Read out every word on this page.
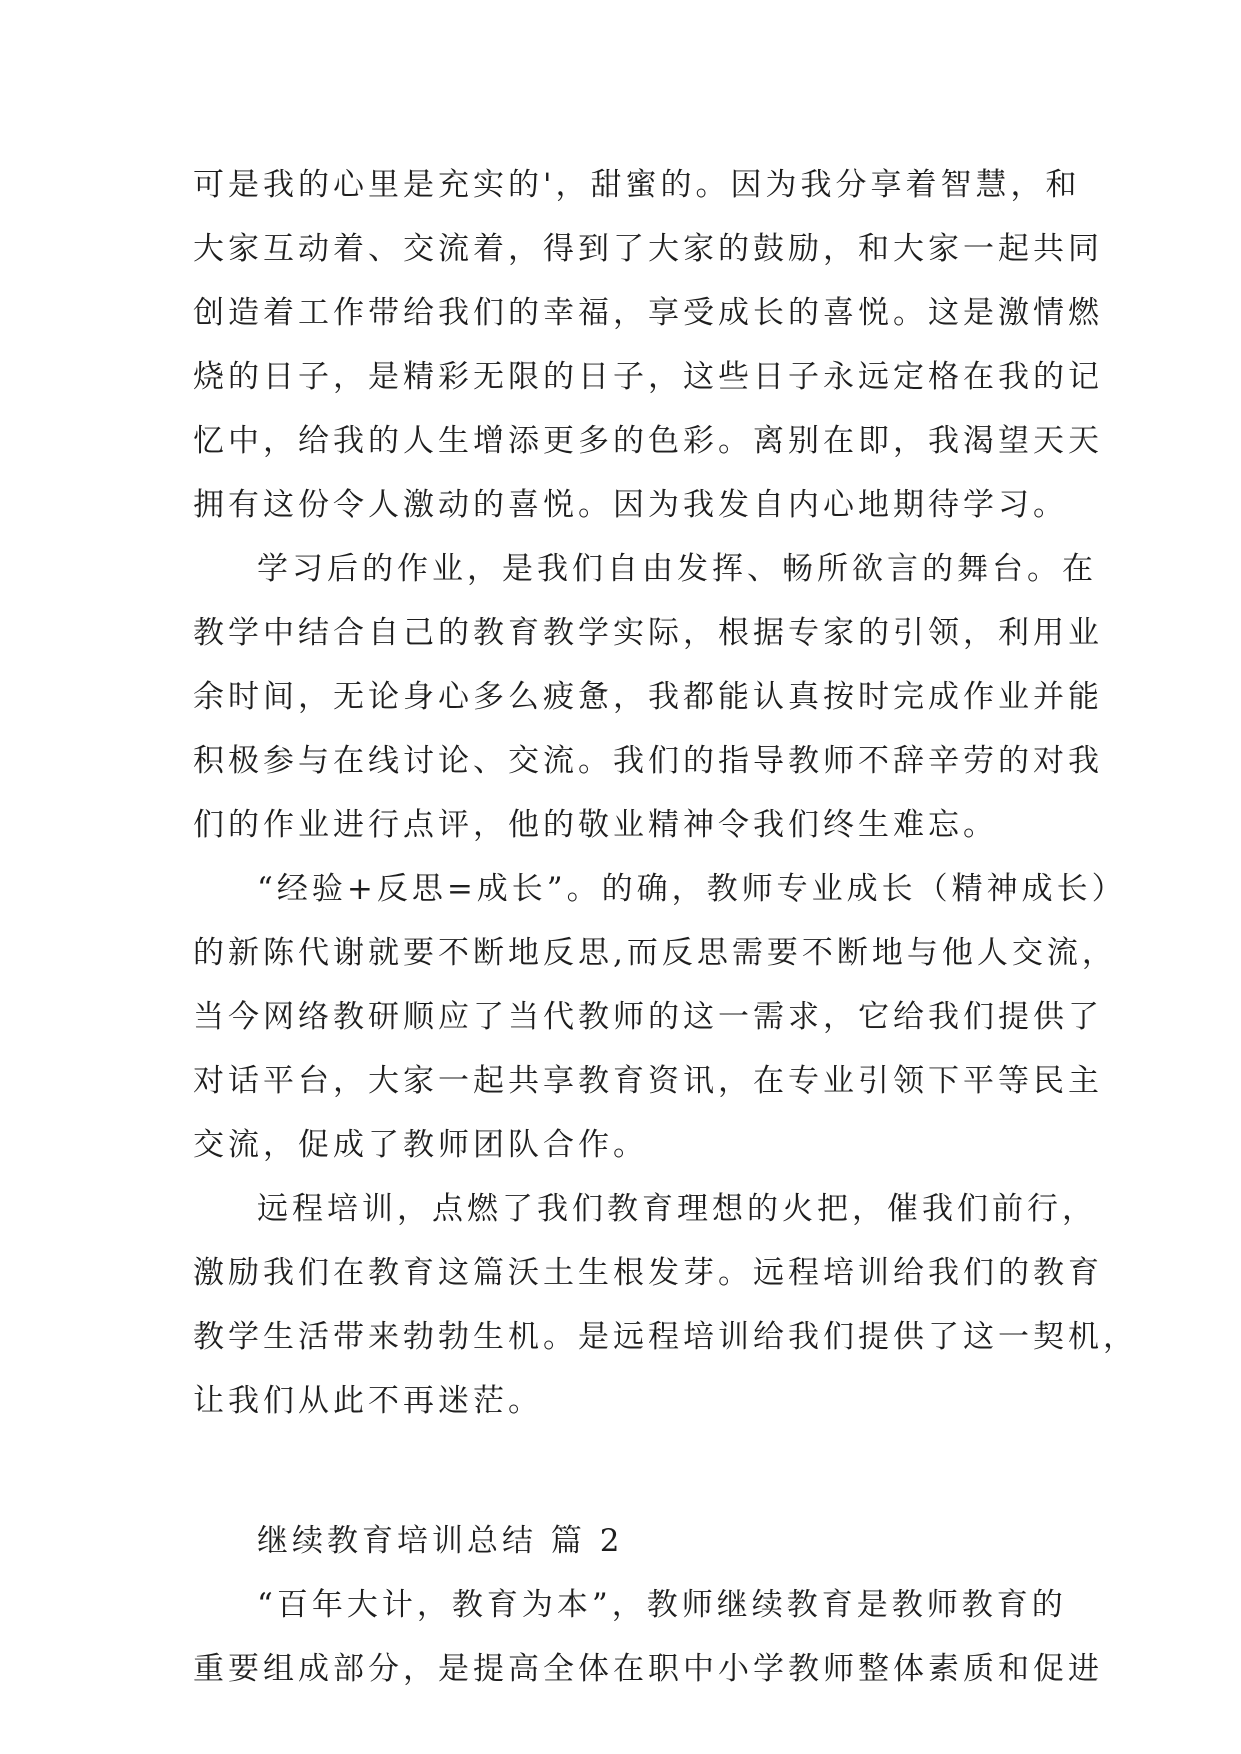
可是我的心里是充实的'，甜蜜的。因为我分享着智慧，和
大家互动着、交流着，得到了大家的鼓励，和大家一起共同
创造着工作带给我们的幸福，享受成长的喜悦。这是激情燃
烧的日子，是精彩无限的日子，这些日子永远定格在我的记
忆中，给我的人生增添更多的色彩。离别在即，我渴望天天
拥有这份令人激动的喜悦。因为我发自内心地期待学习。
学习后的作业，是我们自由发挥、畅所欲言的舞台。在
教学中结合自己的教育教学实际，根据专家的引领，利用业
余时间，无论身心多么疲惫，我都能认真按时完成作业并能
积极参与在线讨论、交流。我们的指导教师不辞辛劳的对我
们的作业进行点评，他的敬业精神令我们终生难忘。
“经验+反思=成长”。的确，教师专业成长（精神成长）
的新陈代谢就要不断地反思,而反思需要不断地与他人交流，
当今网络教研顺应了当代教师的这一需求，它给我们提供了
对话平台，大家一起共享教育资讯，在专业引领下平等民主
交流，促成了教师团队合作。
远程培训，点燃了我们教育理想的火把，催我们前行，
激励我们在教育这篇沃土生根发芽。远程培训给我们的教育
教学生活带来勃勃生机。是远程培训给我们提供了这一契机，
让我们从此不再迷茫。
继续教育培训总结 篇 2
“百年大计，教育为本”，教师继续教育是教师教育的
重要组成部分，是提高全体在职中小学教师整体素质和促进
